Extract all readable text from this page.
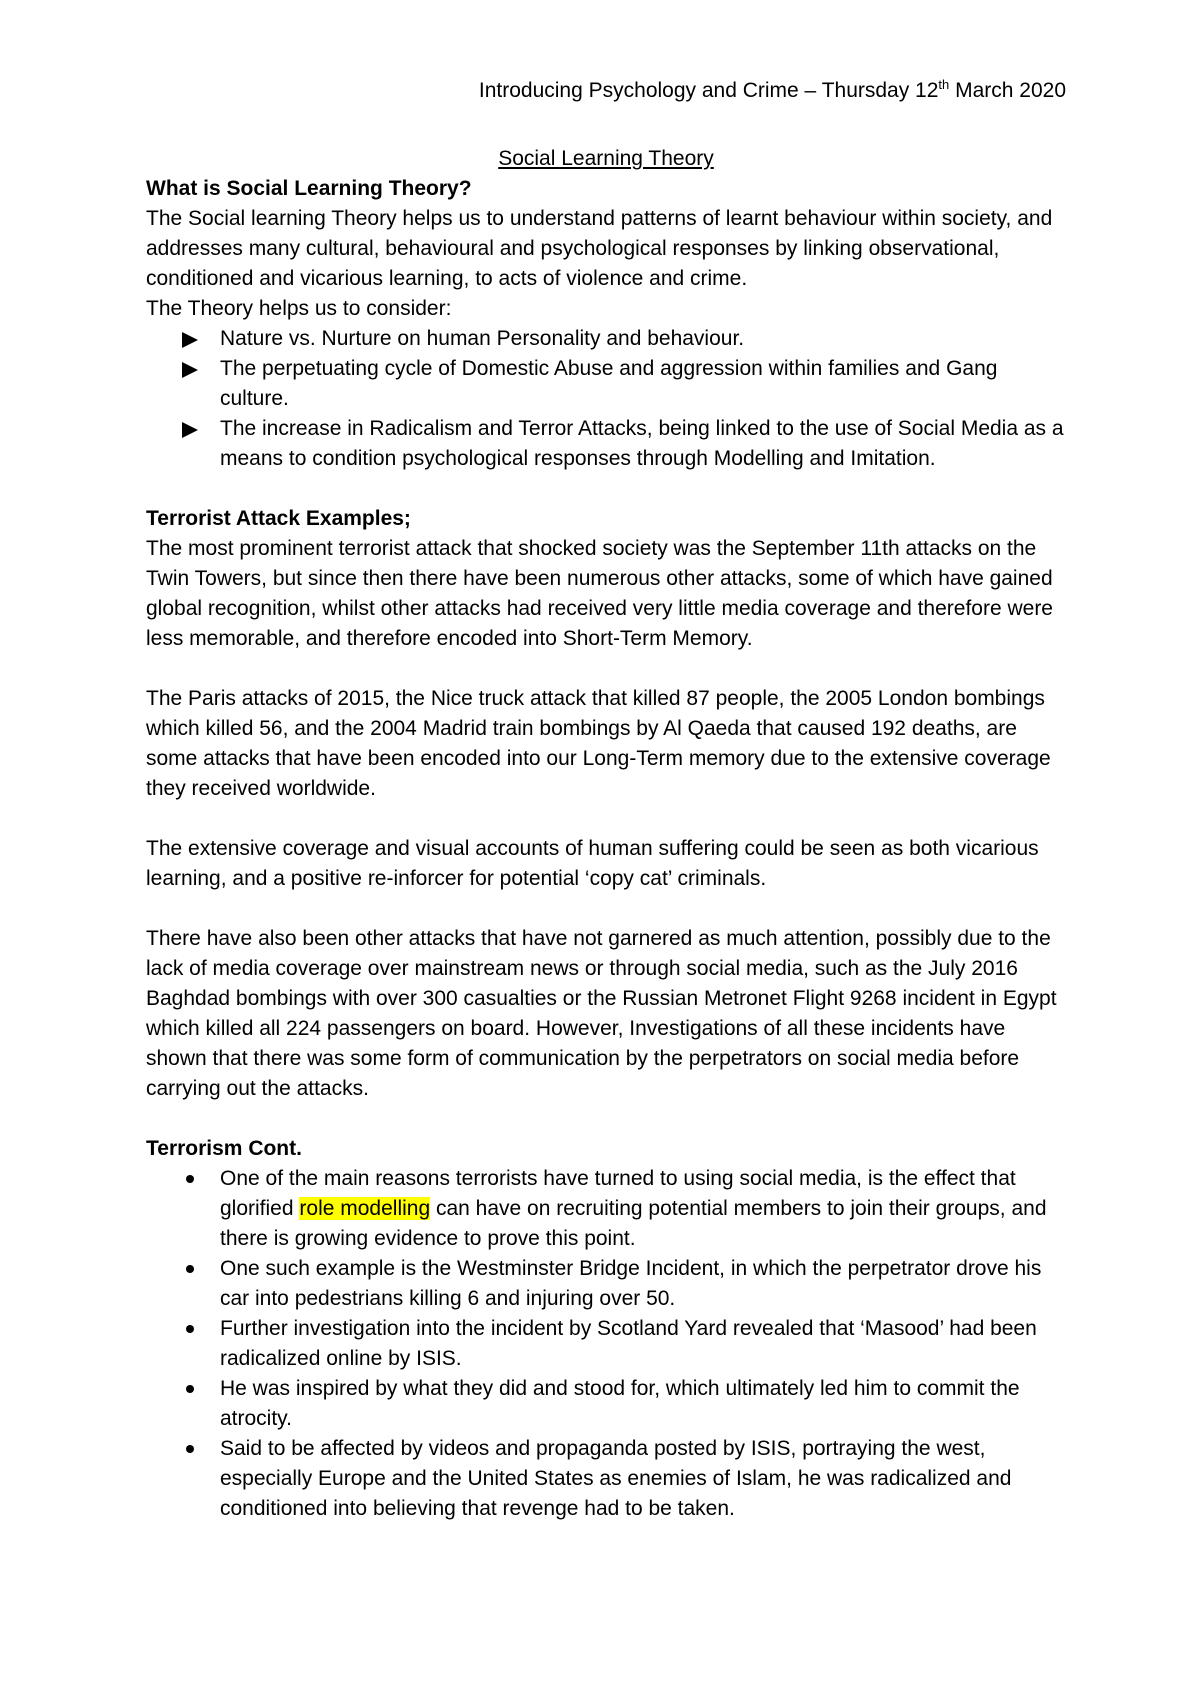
Introducing Psychology and Crime – Thursday 12th March 2020

Social Learning Theory

What is Social Learning Theory?

The Social learning Theory helps us to understand patterns of learnt behaviour within society, and addresses many cultural, behavioural and psychological responses by linking observational, conditioned and vicarious learning, to acts of violence and crime.

The Theory helps us to consider:

Nature vs. Nurture on human Personality and behaviour.
The perpetuating cycle of Domestic Abuse and aggression within families and Gang culture.
The increase in Radicalism and Terror Attacks, being linked to the use of Social Media as a means to condition psychological responses through Modelling and Imitation.

Terrorist Attack Examples;

The most prominent terrorist attack that shocked society was the September 11th attacks on the Twin Towers, but since then there have been numerous other attacks, some of which have gained global recognition, whilst other attacks had received very little media coverage and therefore were less memorable, and therefore encoded into Short-Term Memory.

The Paris attacks of 2015, the Nice truck attack that killed 87 people, the 2005 London bombings which killed 56, and the 2004 Madrid train bombings by Al Qaeda that caused 192 deaths, are some attacks that have been encoded into our Long-Term memory due to the extensive coverage they received worldwide.

The extensive coverage and visual accounts of human suffering could be seen as both vicarious learning, and a positive re-inforcer for potential ‘copy cat’ criminals.

There have also been other attacks that have not garnered as much attention, possibly due to the lack of media coverage over mainstream news or through social media, such as the July 2016 Baghdad bombings with over 300 casualties or the Russian Metronet Flight 9268 incident in Egypt which killed all 224 passengers on board. However, Investigations of all these incidents have shown that there was some form of communication by the perpetrators on social media before carrying out the attacks.

Terrorism Cont.

One of the main reasons terrorists have turned to using social media, is the effect that glorified role modelling can have on recruiting potential members to join their groups, and there is growing evidence to prove this point.
One such example is the Westminster Bridge Incident, in which the perpetrator drove his car into pedestrians killing 6 and injuring over 50.
Further investigation into the incident by Scotland Yard revealed that ‘Masood’ had been radicalized online by ISIS.
He was inspired by what they did and stood for, which ultimately led him to commit the atrocity.
Said to be affected by videos and propaganda posted by ISIS, portraying the west, especially Europe and the United States as enemies of Islam, he was radicalized and conditioned into believing that revenge had to be taken.
